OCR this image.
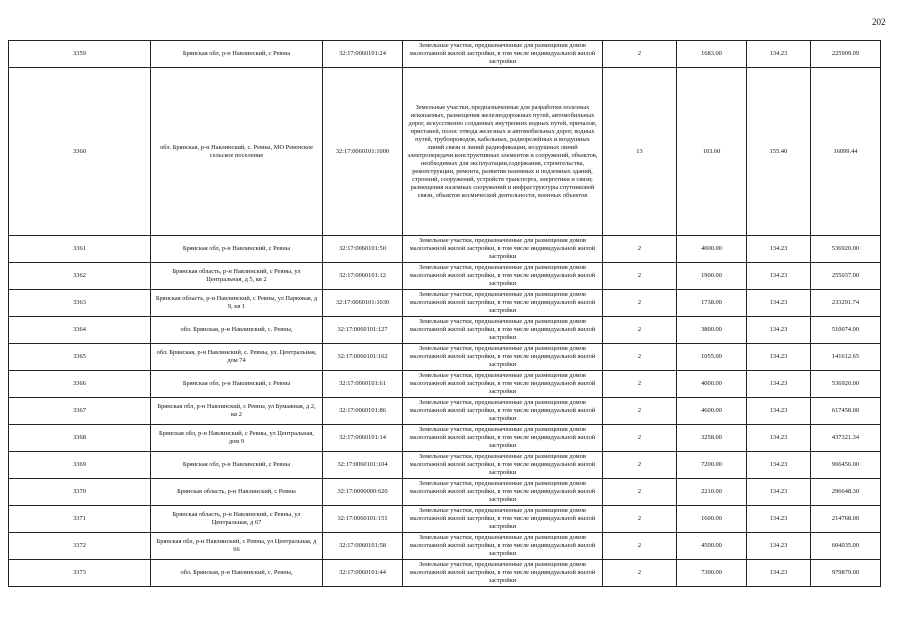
202
3359	Брянская обл, р-н Навлинский, с Ревны	32:17:0060101:24	Земельные участки, предназначенные для размещения домов малоэтажной жилой застройки, в том числе индивидуальной жилой застройки	2	1683.00	134.23	225909.09
3360	обл. Брянская, р-н Навлинский, с. Ревны, МО Ревенское сельское поселение	32:17:0060101:1000	Земельные участки, предназначенные для разработки полезных ископаемых, размещения железнодорожных путей, автомобильных дорог, искусственно созданных внутренних водных путей, причалов, пристаней, полос отвода железных и автомобильных дорог, водных путей, трубопроводов, кабельных, радиорелейных и воздушных линий связи и линий радиофикации, воздушных линий электропередачи конструктивных элементов и сооружений, объектов, необходимых для эксплуатации,содержания, строительства, реконструкции, ремонта, развития наземных и подземных зданий, строений, сооружений, устройств транспорта, энергетики и связи; размещения наземных сооружений и инфраструктуры спутниковой связи, объектов космической деятельности, военных объектов	13	103.60	155.40	16099.44
3361	Брянская обл, р-н Навлинский, с Ревны	32:17:0060101:50	Земельные участки, предназначенные для размещения домов малоэтажной жилой застройки, в том числе индивидуальной жилой застройки	2	4000.00	134.23	536920.00
3362	Брянская область, р-н Навлинский, с Ревны, ул Центральная, д 5, кв 2	32:17:0060101:12	Земельные участки, предназначенные для размещения домов малоэтажной жилой застройки, в том числе индивидуальной жилой застройки	2	1900.00	134.23	255037.00
3363	Брянская область, р-н Навлинский, с Ревны, ул Парковая, д 9, кв 1	32:17:0060101:1030	Земельные участки, предназначенные для размещения домов малоэтажной жилой застройки, в том числе индивидуальной жилой застройки	2	1738.00	134.23	233291.74
3364	обл. Брянская, р-н Навлинский, с. Ревны,	32:17:0060101:127	Земельные участки, предназначенные для размещения домов малоэтажной жилой застройки, в том числе индивидуальной жилой застройки	2	3800.00	134.23	510074.00
3365	обл. Брянская, р-н Навлинский, с. Ревны, ул. Центральная, дом 74	32:17:0060101:162	Земельные участки, предназначенные для размещения домов малоэтажной жилой застройки, в том числе индивидуальной жилой застройки	2	1055.00	134.23	141612.65
3366	Брянская обл, р-н Навлинский, с Ревны	32:17:0060101:61	Земельные участки, предназначенные для размещения домов малоэтажной жилой застройки, в том числе индивидуальной жилой застройки	2	4000.00	134.23	536920.00
3367	Брянская обл, р-н Навлинский, с Ревны, ул Бумажная, д 2, кв 2	32:17:0060101:86	Земельные участки, предназначенные для размещения домов малоэтажной жилой застройки, в том числе индивидуальной жилой застройки	2	4600.00	134.23	617458.00
3368	Брянская обл, р-н Навлинский, с Ревны, ул Центральная, дом 9	32:17:0060101:14	Земельные участки, предназначенные для размещения домов малоэтажной жилой застройки, в том числе индивидуальной жилой застройки	2	3258.00	134.23	437321.34
3369	Брянская обл, р-н Навлинский, с Ревны	32:17:0060101:104	Земельные участки, предназначенные для размещения домов малоэтажной жилой застройки, в том числе индивидуальной жилой застройки	2	7200.00	134.23	966456.00
3370	Брянская область, р-н Навлинский, с Ревны	32:17:0000000:620	Земельные участки, предназначенные для размещения домов малоэтажной жилой застройки, в том числе индивидуальной жилой застройки	2	2210.00	134.23	296648.30
3371	Брянская область, р-н Навлинский, с Ревны, ул Центральная, д 67	32:17:0060101:151	Земельные участки, предназначенные для размещения домов малоэтажной жилой застройки, в том числе индивидуальной жилой застройки	2	1600.00	134.23	214768.00
3372	Брянская обл, р-н Навлинский, с Ревны, ул Центральная, д 66	32:17:0060101:58	Земельные участки, предназначенные для размещения домов малоэтажной жилой застройки, в том числе индивидуальной жилой застройки	2	4500.00	134.23	604035.00
3373	обл. Брянская, р-н Навлинский, с. Ревны,	32:17:0060101:44	Земельные участки, предназначенные для размещения домов малоэтажной жилой застройки, в том числе индивидуальной жилой застройки	2	7300.00	134.23	979879.00
